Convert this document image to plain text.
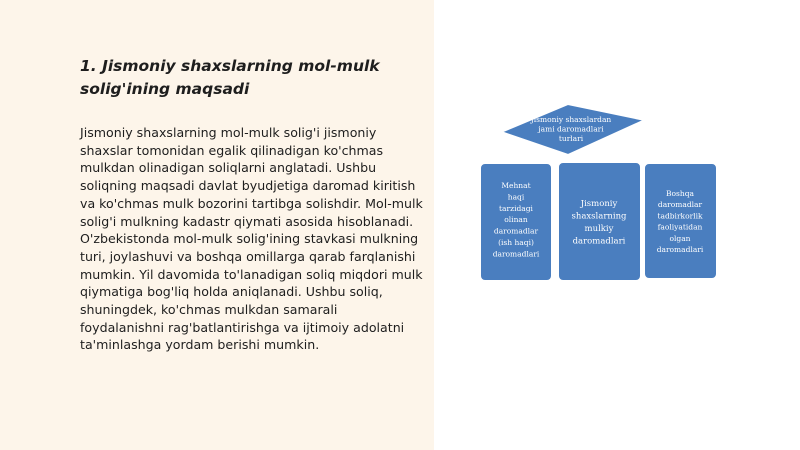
1. Jismoniy shaxslarning mol-mulk solig'ining maqsadi

Jismoniy shaxslarning mol-mulk solig'i jismoniy shaxslar tomonidan egalik qilinadigan ko'chmas mulkdan olinadigan soliqlarni anglatadi. Ushbu soliqning maqsadi davlat byudjetiga daromad kiritish va ko'chmas mulk bozorini tartibga solishdir. Mol-mulk solig'i mulkning kadastr qiymati asosida hisoblanadi. O'zbekistonda mol-mulk solig'ining stavkasi mulkning turi, joylashuvi va boshqa omillarga qarab farqlanishi mumkin. Yil davomida to'lanadigan soliq miqdori mulk qiymatiga bog'liq holda aniqlanadi. Ushbu soliq, shuningdek, ko'chmas mulkdan samarali foydalanishni rag'batlantirishga va ijtimoiy adolatni ta'minlashga yordam berishi mumkin.

Jismoniy shaxslardan jami daromadlari turlari
Mehnat haqi tarzidagi olinan daromadlar (ish haqi) daromadlari
Jismoniy shaxslarning mulkiy daromadlari
Boshqa daromadlar tadbirkorlik faoliyatidan olgan daromadlari
